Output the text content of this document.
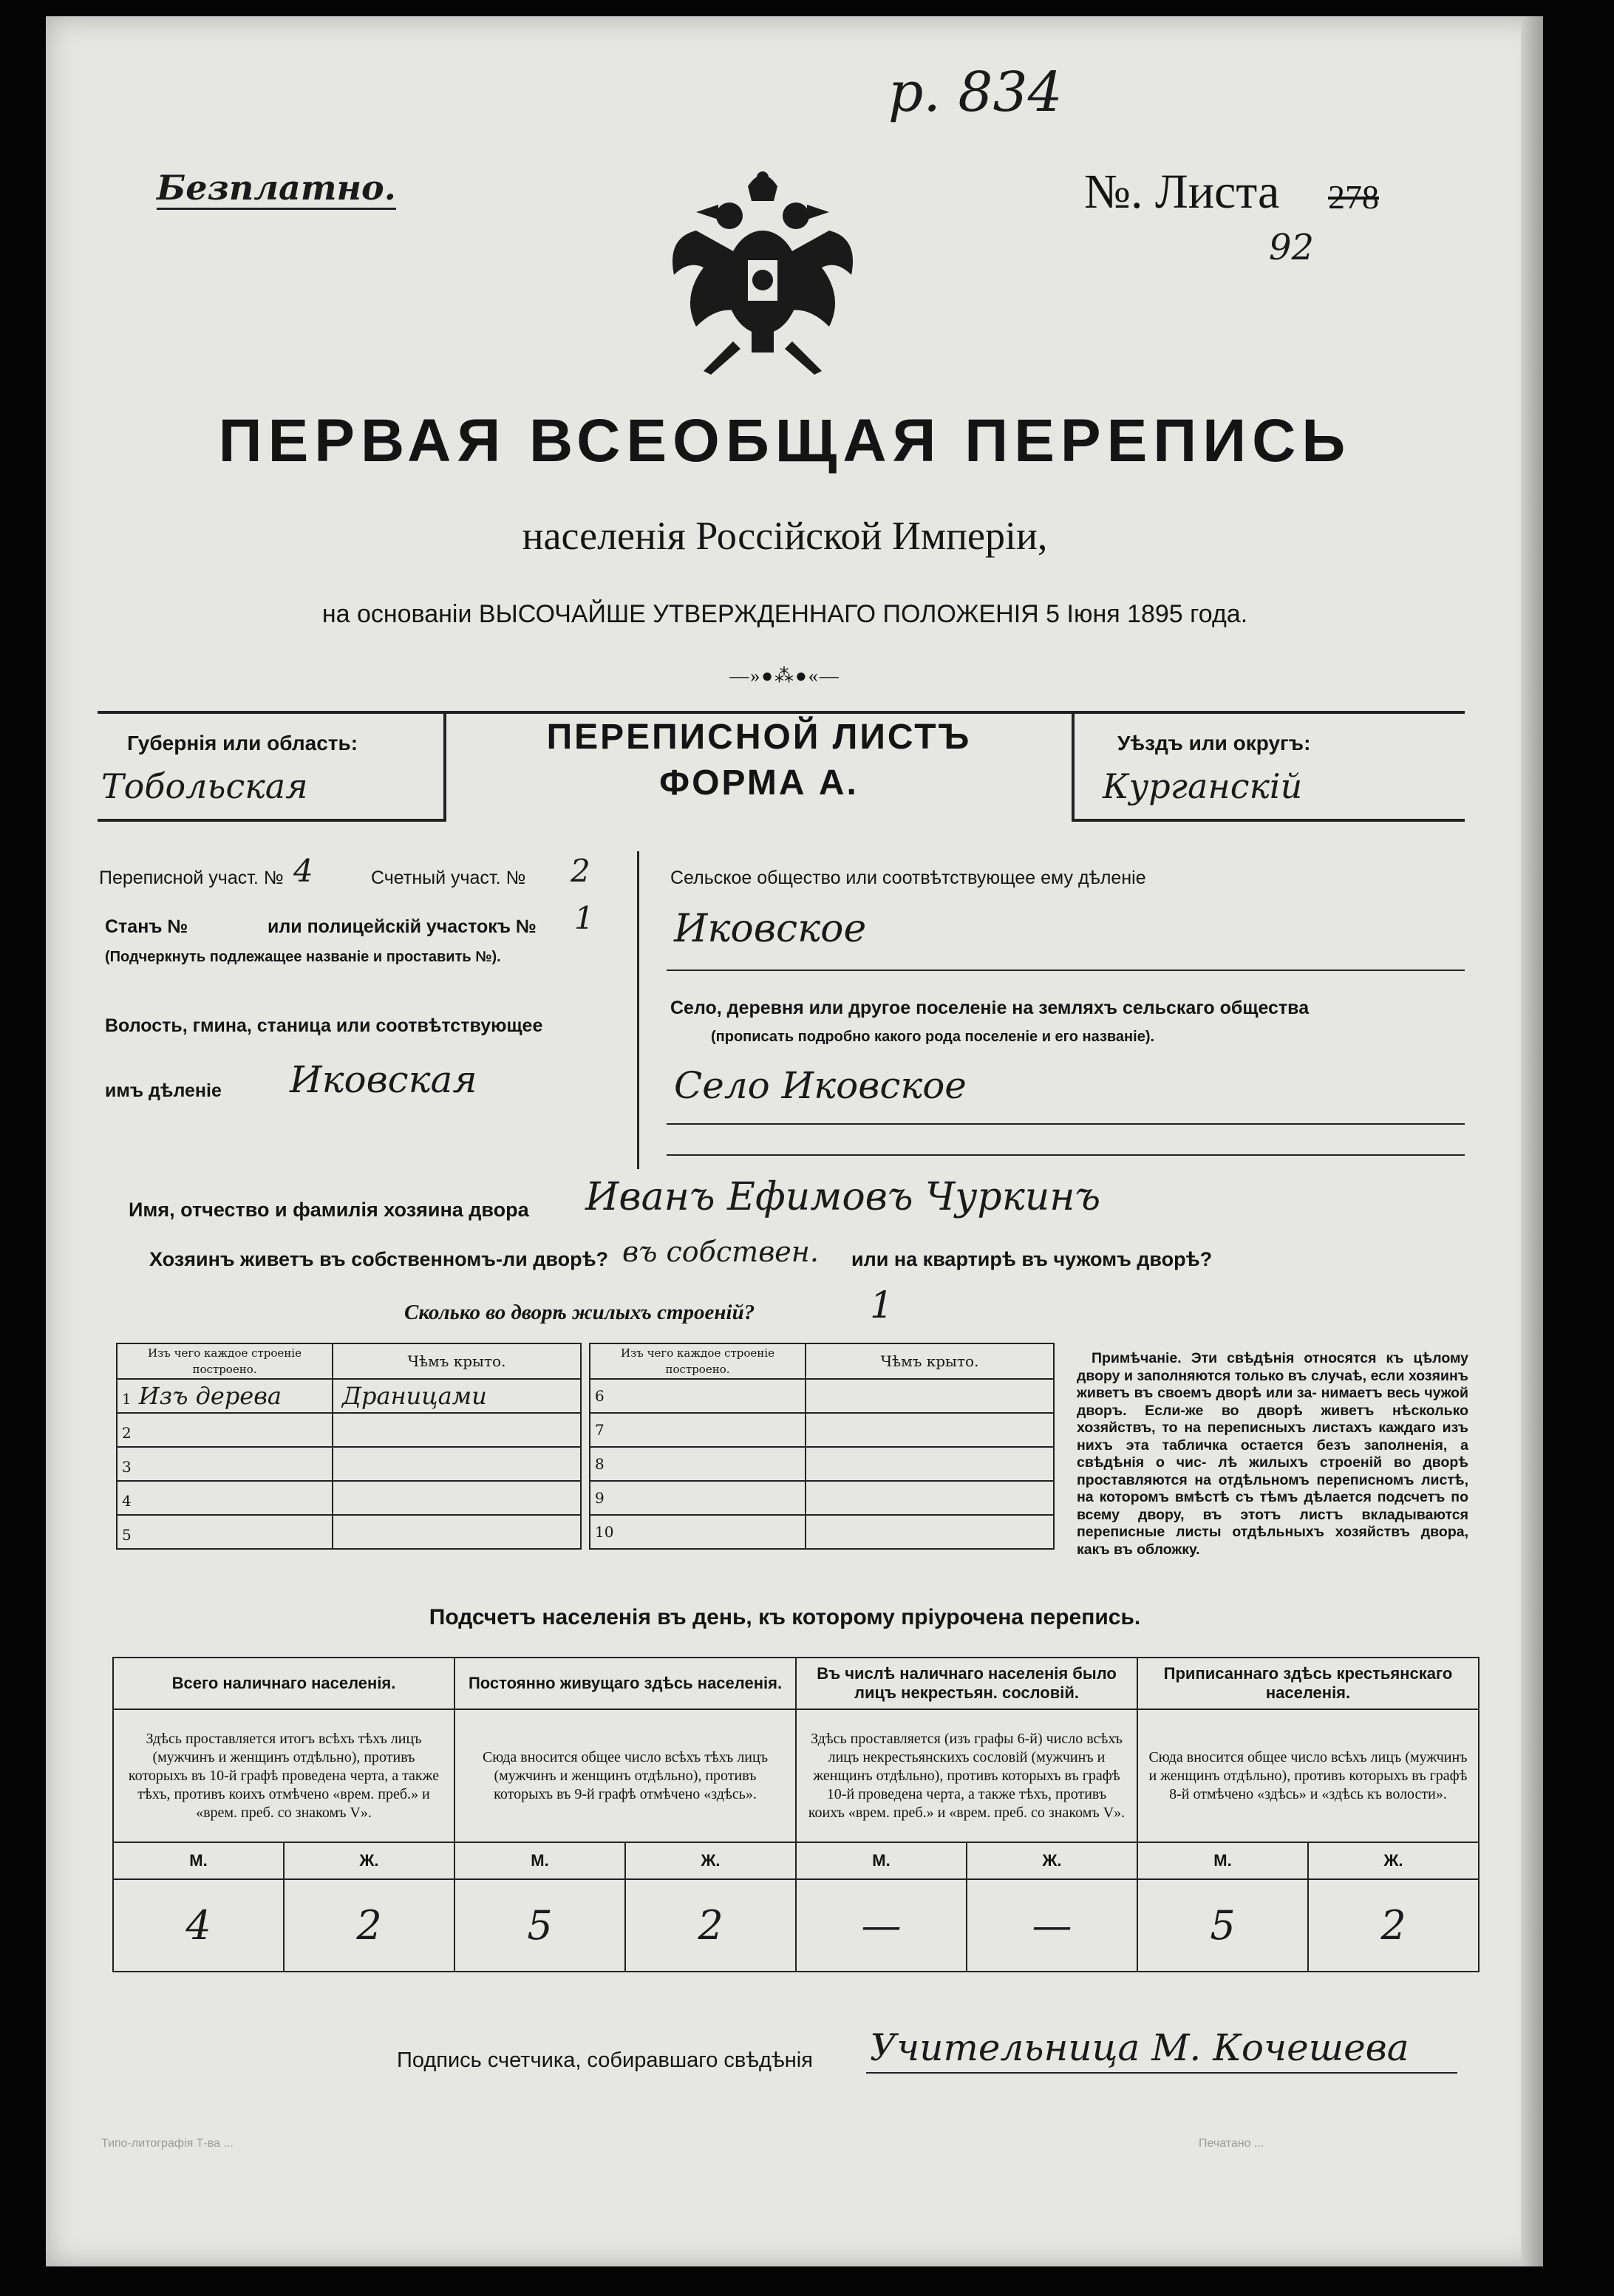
р. 834
Безплатно.	№. Листа 278
92
ПЕРВАЯ ВСЕОБЩАЯ ПЕРЕПИСЬ
населенія Россійской Имперіи,
на основаніи ВЫСОЧАЙШЕ УТВЕРЖДЕННАГО ПОЛОЖЕНІЯ 5 Іюня 1895 года.
—»●⁂●«—
Губернія или область:
Тобольская
ПЕРЕПИСНОЙ ЛИСТЪ
ФОРМА А.
Уѣздъ или округъ:
Курганскій
Переписной участ. № 4	Счетный участ. № 2
Станъ №	или полицейскій участокъ № 1
(Подчеркнуть подлежащее названіе и проставить №).
Волость, гмина, станица или соотвѣтствующее
имъ дѣленіе Иковская
Сельское общество или соотвѣтствующее ему дѣленіе
Иковское
Село, деревня или другое поселеніе на земляхъ сельскаго общества
(прописать подробно какого рода поселеніе и его названіе).
Село Иковское
Имя, отчество и фамилія хозяина двора Иванъ Ефимовъ Чуркинъ
Хозяинъ живетъ въ собственномъ-ли дворѣ? въ собствен. или на квартирѣ въ чужомъ дворѣ?
Сколько во дворѣ жилыхъ строеній?	1
Изъ чего каждое строеніе построено.	Чѣмъ крыто.
1 Изъ дерева	Драницами
2	
3	
4	
5	
Изъ чего каждое строеніе построено.	Чѣмъ крыто.
6	
7	
8	
9	
10	
Примѣчаніе. Эти свѣдѣнія относятся къ цѣлому двору и заполняются только въ случаѣ, если хозяинъ живетъ въ своемъ дворѣ или за- нимаетъ весь чужой дворъ. Если-же во дворѣ живетъ нѣсколько хозяйствъ, то на переписныхъ листахъ каждаго изъ нихъ эта табличка остается безъ заполненія, а свѣдѣнія о чис- лѣ жилыхъ строеній во дворѣ проставляются на отдѣльномъ переписномъ листѣ, на которомъ вмѣстѣ съ тѣмъ дѣлается подсчетъ по всему двору, въ этотъ листъ вкладываются переписные листы отдѣльныхъ хозяйствъ двора, какъ въ обложку.
Подсчетъ населенія въ день, къ которому пріурочена перепись.
Всего наличнаго населенія.		Постоянно живущаго здѣсь населенія.		Въ числѣ наличнаго населенія было лицъ некрестьян. сословій.		Приписаннаго здѣсь крестьянскаго населенія.	
Здѣсь проставляется итогъ всѣхъ тѣхъ лицъ (мужчинъ и женщинъ отдѣльно), противъ которыхъ въ 10-й графѣ проведена черта, а также тѣхъ, противъ коихъ отмѣчено «врем. преб.» и «врем. преб. со знакомъ V».		Сюда вносится общее число всѣхъ тѣхъ лицъ (мужчинъ и женщинъ отдѣльно), противъ которыхъ въ 9-й графѣ отмѣчено «здѣсь».		Здѣсь проставляется (изъ графы 6-й) число всѣхъ лицъ некрестьянскихъ сословій (мужчинъ и женщинъ отдѣльно), противъ которыхъ въ графѣ 10-й проведена черта, а также тѣхъ, противъ коихъ «врем. преб.» и «врем. преб. со знакомъ V».		Сюда вносится общее число всѣхъ лицъ (мужчинъ и женщинъ отдѣльно), противъ которыхъ въ графѣ 8-й отмѣчено «здѣсь» и «здѣсь къ волости».	
М.	Ж.	М.	Ж.	М.	Ж.	М.	Ж.
4	2	5	2	—	—	5	2
Подпись счетчика, собиравшаго свѣдѣнія Учительница М. Кочешева
Типо-литографія Т-ва ...	Печатано ...
